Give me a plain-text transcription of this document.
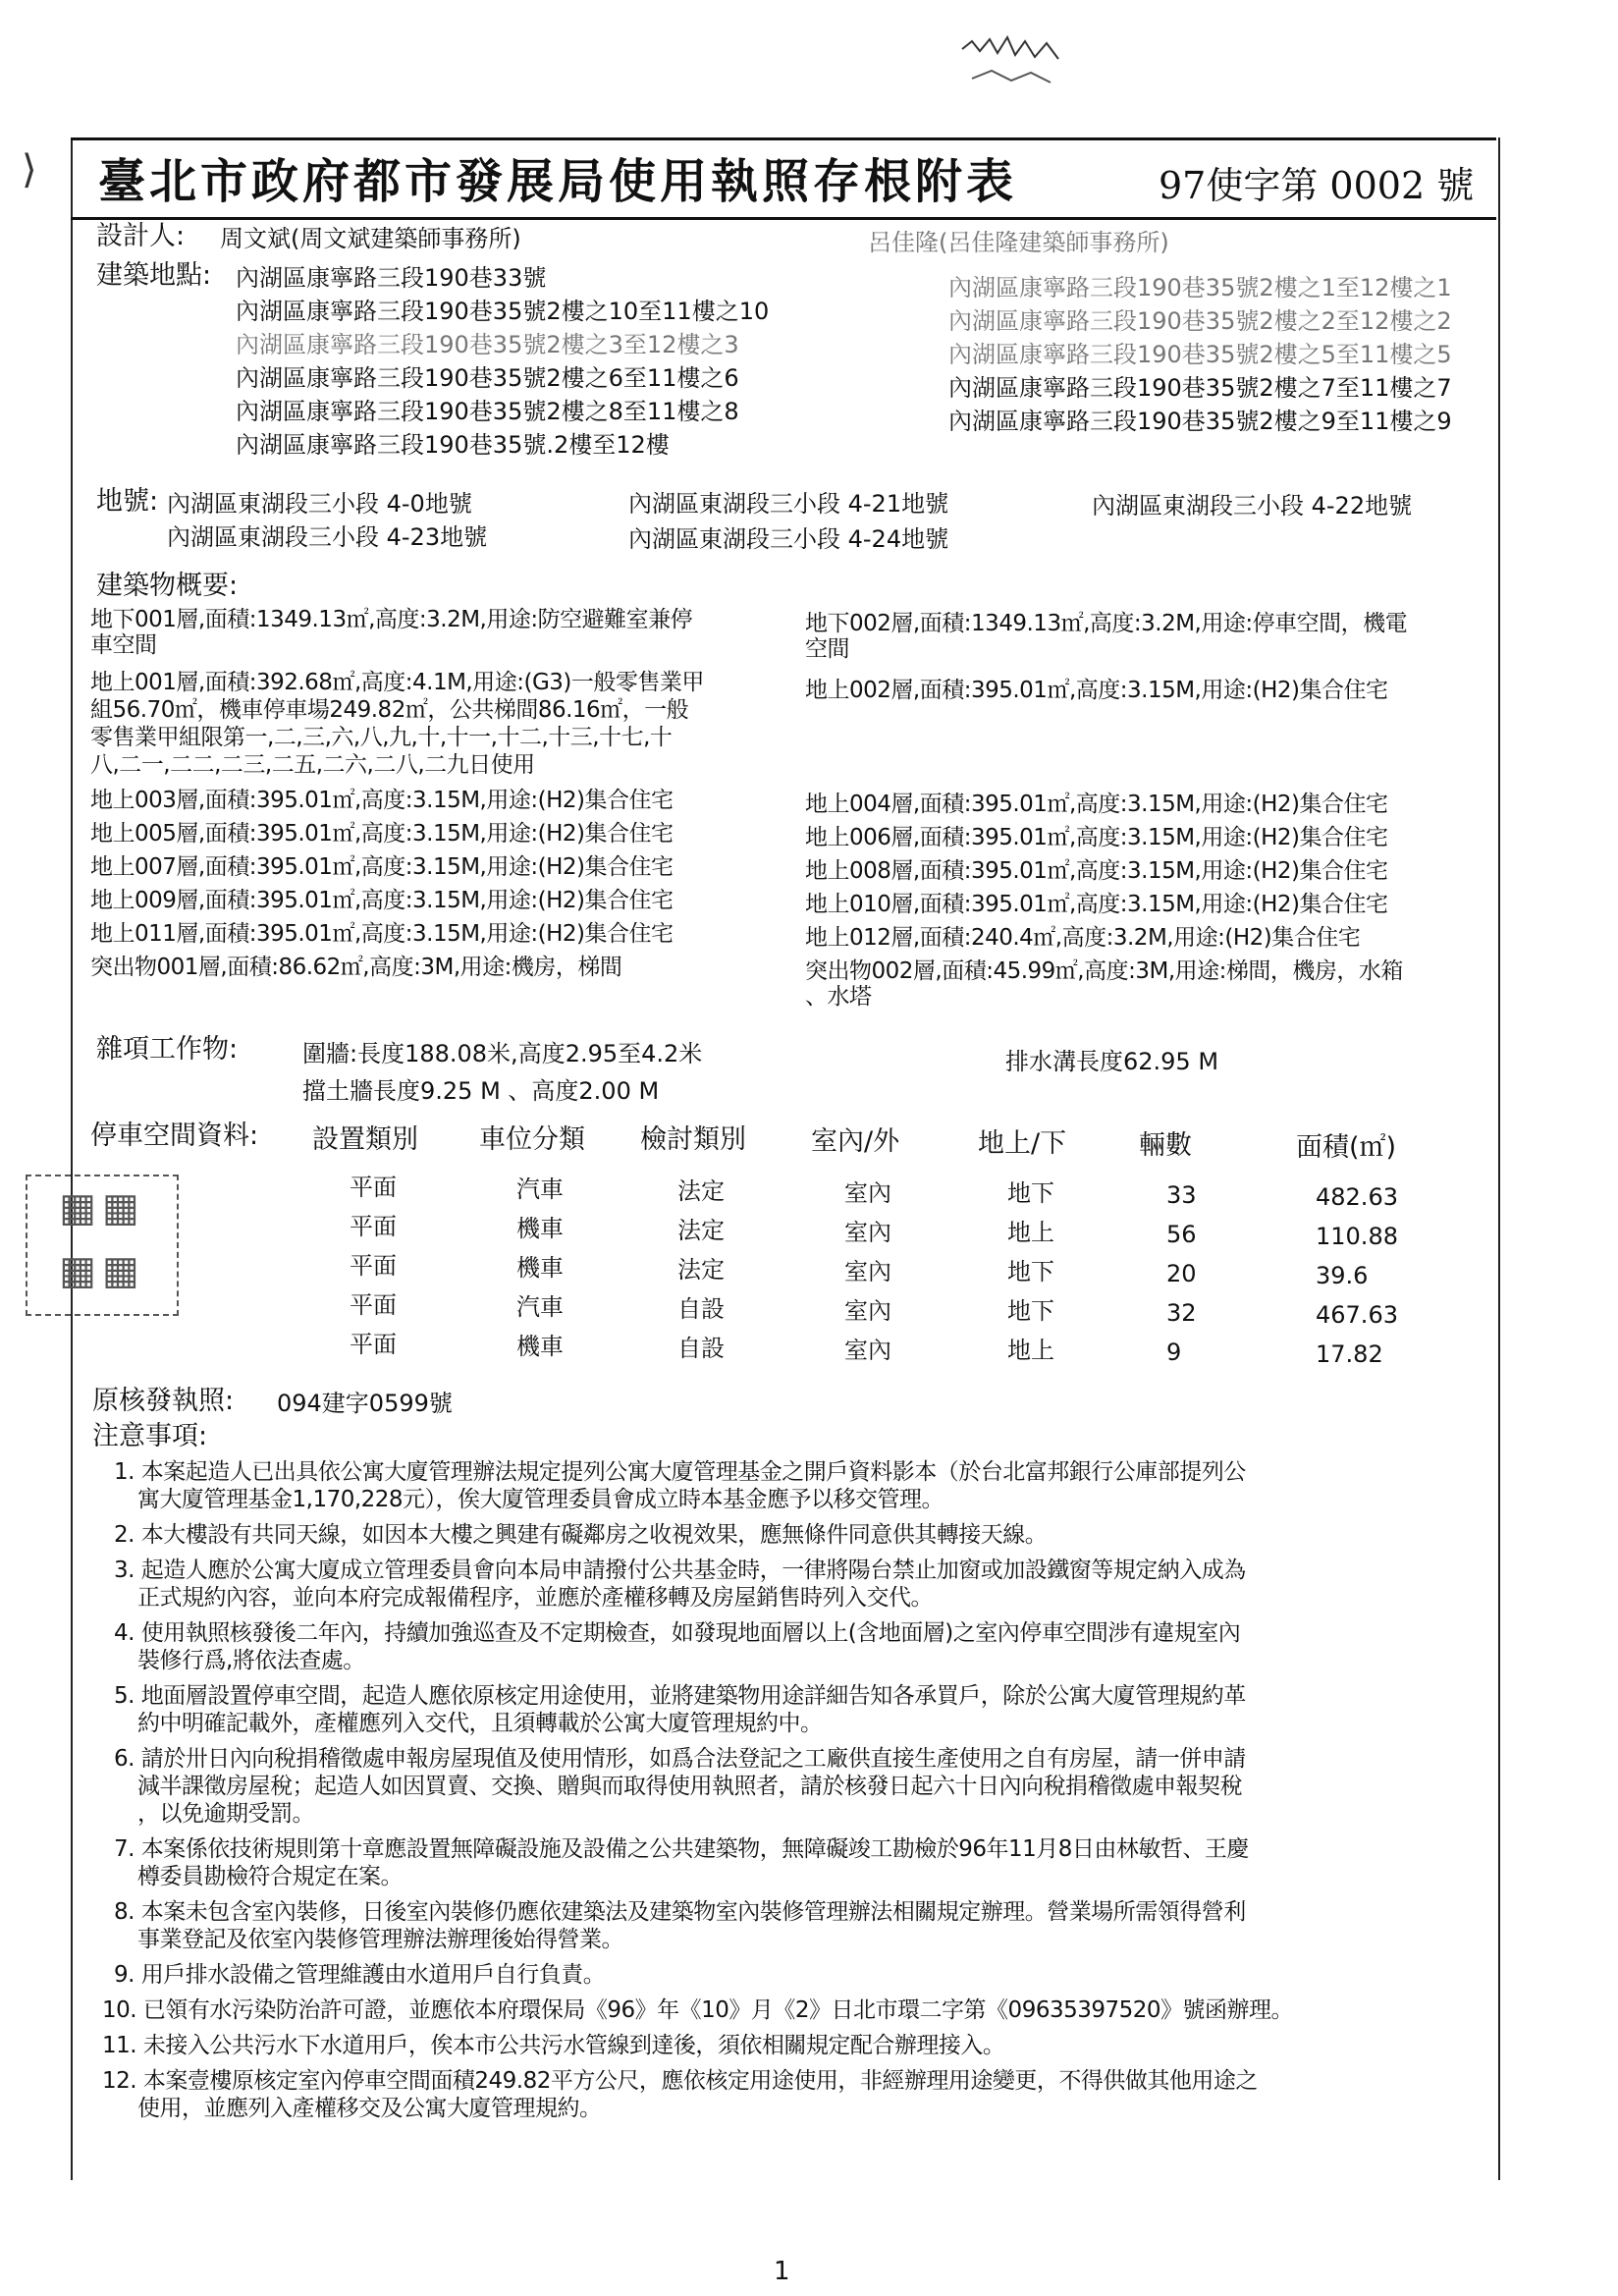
⟩ 臺北市政府都市發展局使用執照存根附表	97使字第 0002 號
設計人: 周文斌(周文斌建築師事務所)	呂佳隆(呂佳隆建築師事務所)
建築地點: 內湖區康寧路三段190巷33號	內湖區康寧路三段190巷35號2樓之1至12樓之1
內湖區康寧路三段190巷35號2樓之10至11樓之10	內湖區康寧路三段190巷35號2樓之2至12樓之2
內湖區康寧路三段190巷35號2樓之3至12樓之3	內湖區康寧路三段190巷35號2樓之5至11樓之5
內湖區康寧路三段190巷35號2樓之6至11樓之6	內湖區康寧路三段190巷35號2樓之7至11樓之7
內湖區康寧路三段190巷35號2樓之8至11樓之8	內湖區康寧路三段190巷35號2樓之9至11樓之9
內湖區康寧路三段190巷35號.2樓至12樓
地號: 內湖區東湖段三小段 4-0地號	內湖區東湖段三小段 4-21地號	內湖區東湖段三小段 4-22地號
內湖區東湖段三小段 4-23地號	內湖區東湖段三小段 4-24地號
建築物概要:
地下001層,面積:1349.13㎡,高度:3.2M,用途:防空避難室兼停
車空間
地下002層,面積:1349.13㎡,高度:3.2M,用途:停車空間，機電
空間
地上001層,面積:392.68㎡,高度:4.1M,用途:(G3)一般零售業甲
組56.70㎡，機車停車場249.82㎡，公共梯間86.16㎡，一般
零售業甲組限第一,二,三,六,八,九,十,十一,十二,十三,十七,十
八,二一,二二,二三,二五,二六,二八,二九日使用
地上002層,面積:395.01㎡,高度:3.15M,用途:(H2)集合住宅
地上003層,面積:395.01㎡,高度:3.15M,用途:(H2)集合住宅	地上004層,面積:395.01㎡,高度:3.15M,用途:(H2)集合住宅
地上005層,面積:395.01㎡,高度:3.15M,用途:(H2)集合住宅	地上006層,面積:395.01㎡,高度:3.15M,用途:(H2)集合住宅
地上007層,面積:395.01㎡,高度:3.15M,用途:(H2)集合住宅	地上008層,面積:395.01㎡,高度:3.15M,用途:(H2)集合住宅
地上009層,面積:395.01㎡,高度:3.15M,用途:(H2)集合住宅	地上010層,面積:395.01㎡,高度:3.15M,用途:(H2)集合住宅
地上011層,面積:395.01㎡,高度:3.15M,用途:(H2)集合住宅	地上012層,面積:240.4㎡,高度:3.2M,用途:(H2)集合住宅
突出物001層,面積:86.62㎡,高度:3M,用途:機房，梯間	突出物002層,面積:45.99㎡,高度:3M,用途:梯間，機房，水箱
、水塔
雜項工作物:	圍牆:長度188.08米,高度2.95至4.2米	排水溝長度62.95 M
擋土牆長度9.25 M 、高度2.00 M
停車空間資料: 設置類別 車位分類 檢討類別 室內/外	地上/下	輛數	面積(㎡)
平面	汽車	法定	室內	地下	33	482.63
平面	機車	法定	室內	地上	56	110.88
平面	機車	法定	室內	地下	20	39.6
平面	汽車	自設	室內	地下	32	467.63
平面	機車	自設	室內	地上	9	17.82
▦▦
▦▦
原核發執照: 094建字0599號
注意事項:
1. 本案起造人已出具依公寓大廈管理辦法規定提列公寓大廈管理基金之開戶資料影本（於台北富邦銀行公庫部提列公
寓大廈管理基金1,170,228元），俟大廈管理委員會成立時本基金應予以移交管理。
2. 本大樓設有共同天線，如因本大樓之興建有礙鄰房之收視效果，應無條件同意供其轉接天線。
3. 起造人應於公寓大廈成立管理委員會向本局申請撥付公共基金時，一律將陽台禁止加窗或加設鐵窗等規定納入成為
正式規約內容，並向本府完成報備程序，並應於產權移轉及房屋銷售時列入交代。
4. 使用執照核發後二年內，持續加強巡查及不定期檢查，如發現地面層以上(含地面層)之室內停車空間涉有違規室內
裝修行爲,將依法查處。
5. 地面層設置停車空間，起造人應依原核定用途使用，並將建築物用途詳細告知各承買戶，除於公寓大廈管理規約革
約中明確記載外，產權應列入交代，且須轉載於公寓大廈管理規約中。
6. 請於卅日內向稅捐稽徵處申報房屋現值及使用情形，如爲合法登記之工廠供直接生產使用之自有房屋，請一併申請
減半課徵房屋稅；起造人如因買賣、交換、贈與而取得使用執照者，請於核發日起六十日內向稅捐稽徵處申報契稅
，以免逾期受罰。
7. 本案係依技術規則第十章應設置無障礙設施及設備之公共建築物，無障礙竣工勘檢於96年11月8日由林敏哲、王慶
樽委員勘檢符合規定在案。
8. 本案未包含室內裝修，日後室內裝修仍應依建築法及建築物室內裝修管理辦法相關規定辦理。營業場所需領得營利
事業登記及依室內裝修管理辦法辦理後始得營業。
9. 用戶排水設備之管理維護由水道用戶自行負責。
10. 已領有水污染防治許可證，並應依本府環保局《96》年《10》月《2》日北市環二字第《09635397520》號函辦理。
11. 未接入公共污水下水道用戶，俟本市公共污水管線到達後，須依相關規定配合辦理接入。
12. 本案壹樓原核定室內停車空間面積249.82平方公尺，應依核定用途使用，非經辦理用途變更，不得供做其他用途之
使用，並應列入產權移交及公寓大廈管理規約。
1
